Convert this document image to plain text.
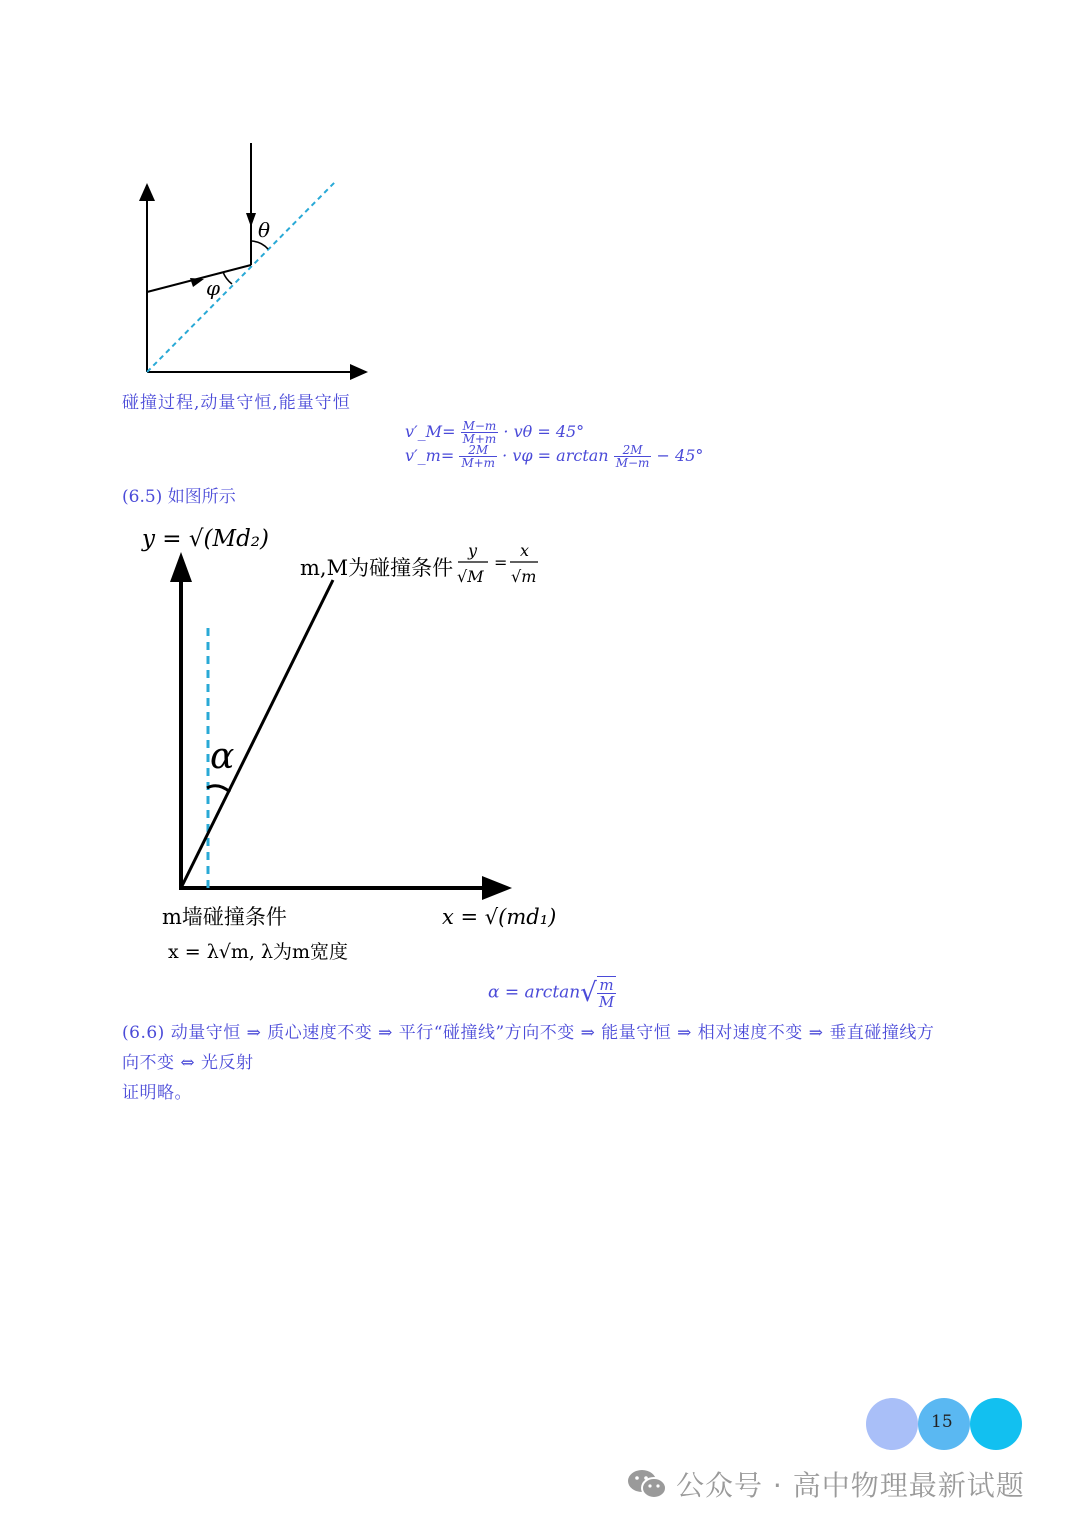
θ
φ
碰撞过程,动量守恒,能量守恒
v′_M= $\frac{M-m}{M+m} \cdot v\theta = 45^\circ$
v′_m= $\frac{2M}{M+m} \cdot v\varphi = \arctan \frac{2M}{M-m} - 45^\circ$
(6.5) 如图所示
α
y = √(Md₂)
m,M为碰撞条件
y
√M
=
x
√m
m墙碰撞条件	x = √(md₁)
x = λ√m, λ为m宽度
$\alpha = \arctan√ \frac{m}{M}$
(6.6) 动量守恒 ⇒ 质心速度不变 ⇒ 平行“碰撞线”方向不变 ⇒ 能量守恒 ⇒ 相对速度不变 ⇒ 垂直碰撞线方
向不变 ⇔ 光反射
证明略。
15
公众号 · 高中物理最新试题
